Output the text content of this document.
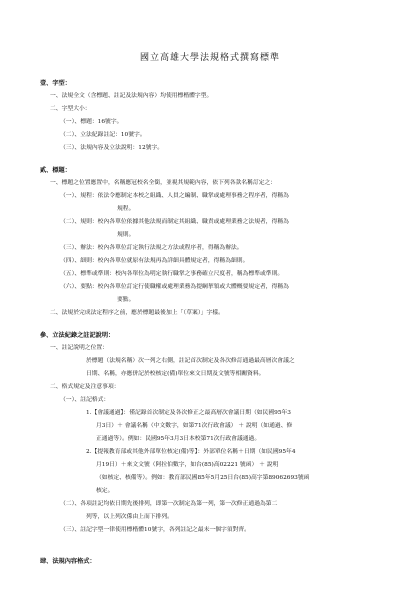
國立高雄大學法規格式撰寫標準
壹、字型：
一、法規全文（含標題、註記及法規內容）均使用標楷體字型。
二、字型大小：
（一）、標題：16號字。
（二）、立法紀錄註記：10號字。
（三）、法規內容及立法說明：12號字。
貳、標題：
一、標題之位置應置中，名稱應冠校名全銜，並視其規範內容，依下列各款名稱訂定之：
（一）、規程：依法令應制定本校之組織、人員之編制、職掌或處理事務之程序者，得稱為
規程。
（二）、規則：校內各單位依據其他法規而制定其組織、職責或處理業務之法規者，得稱為
規則。
（三）、辦法：校內各單位訂定執行法規之方法或程序者，得稱為辦法。
（四）、細則：校內各單位就原有法規再為詳細具體規定者，得稱為細則。
（五）、標準或準則：校內各單位為明定執行職掌之事務確立尺度者，稱為標準或準則。
（六）、要點：校內各單位訂定行使職權或處理業務為提綱挈領或大體概要規定者，得稱為
要點。
二、法規於完成法定程序之前，應於標題最後加上「（草案）」字樣。
參、立法紀錄之註記說明：
一、註記說明之位置：
於標題（法規名稱）次一列之右側，註記首次制定及各次修訂通過最高層次會議之
日期、名稱，亦應併記於校核定(備)單位來文日期及文號等相關資料。
二、格式規定及注意事項：
（一）、註記格式：
1.【會議通過】：僅記錄首次制定及各次修正之最高層次會議日期（如民國95年3
月3日）＋ 會議名稱（中文數字，如第71次行政會議） ＋ 說明（如通過、修
正通過等）。例如：民國95年3月3日本校第71次行政會議通過。
2.【提報教育部或其他外部單位核定(備)等】：外部單位名稱＋日期（如民國95年4
月19日）＋來文文號（阿拉伯數字，如台(85)高02221 號函） ＋ 說明
（如核定、核備等）。例如：教育部民國85年5月25日台(85)高字第89062693號函
核定。
（二）、各項註記均依日期先後排列，即第一次制定為第一列，第一次修正通過為第二
列等，以上列次係由上而下排列。
（三）、註記字型一律使用標楷體10號字，各列註記之最末一個字須對齊。
肆、法規內容格式：
